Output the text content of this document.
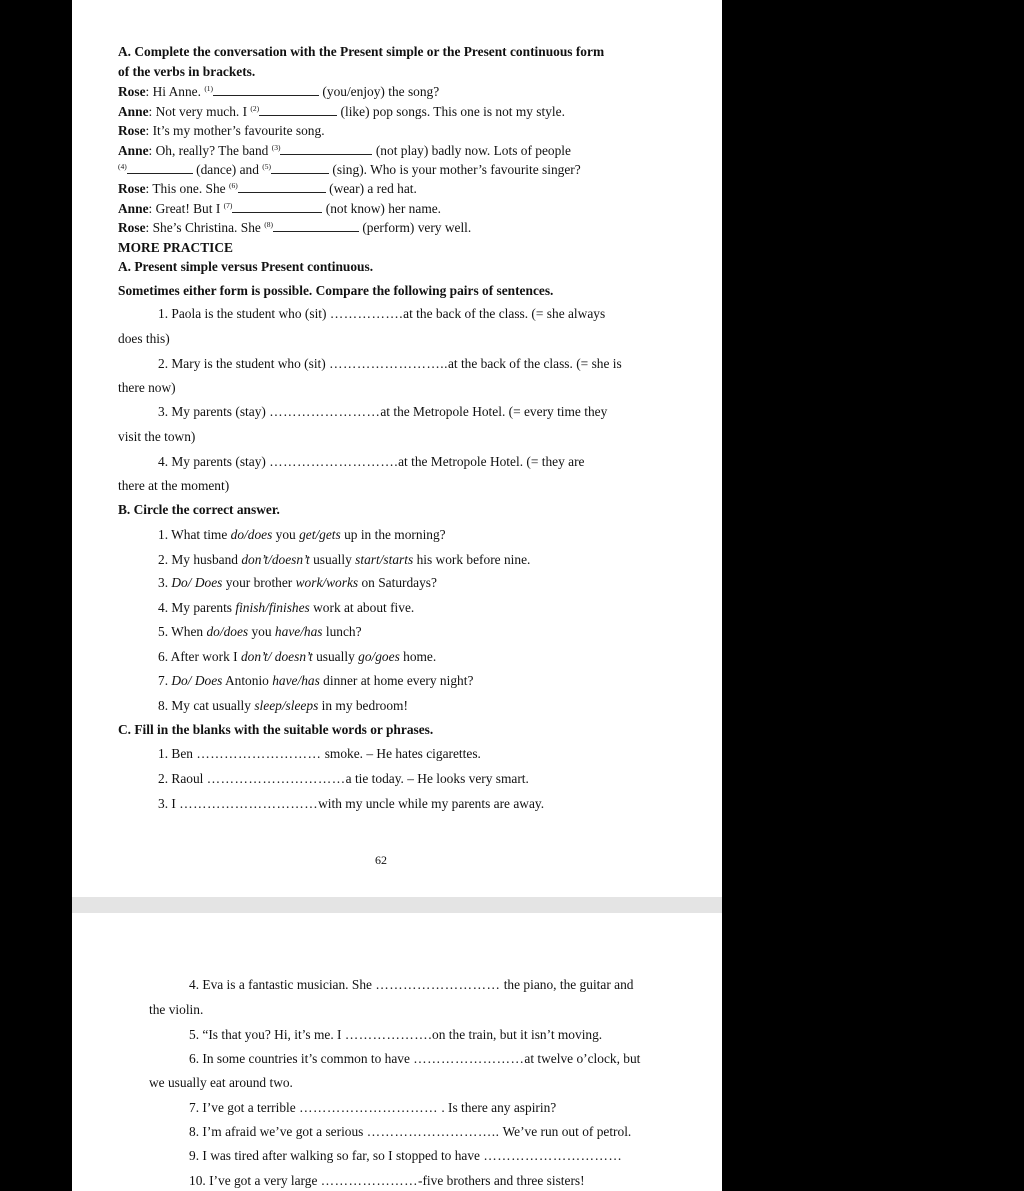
A. Complete the conversation with the Present simple or the Present continuous form
of the verbs in brackets.
Rose: Hi Anne. $^{(1)}$	(you/enjoy) the song?
Anne: Not very much. I $^{(2)}$	(like) pop songs. This one is not my style.
Rose: It’s my mother’s favourite song.
Anne: Oh, really? The band $^{(3)}$	(not play) badly now. Lots of people
$^{(4)}$	(dance) and $^{(5)}$	(sing). Who is your mother’s favourite singer?
Rose: This one. She $^{(6)}$	(wear) a red hat.
Anne: Great! But I $^{(7)}$	(not know) her name.
Rose: She’s Christina. She $^{(8)}$	(perform) very well.
MORE PRACTICE
A. Present simple versus Present continuous.
Sometimes either form is possible. Compare the following pairs of sentences.
1. Paola is the student who (sit) …………….at the back of the class. (= she always
does this)
2. Mary is the student who (sit) ……………………..at the back of the class. (= she is
there now)
3. My parents (stay) ……………………at the Metropole Hotel. (= every time they
visit the town)
4. My parents (stay) ……………………….at the Metropole Hotel. (= they are
there at the moment)
B. Circle the correct answer.
1. What time do/does you get/gets up in the morning?
2. My husband don’t/doesn’t usually start/starts his work before nine.
3. Do/ Does your brother work/works on Saturdays?
4. My parents finish/finishes work at about five.
5. When do/does you have/has lunch?
6. After work I don’t/ doesn’t usually go/goes home.
7. Do/ Does Antonio have/has dinner at home every night?
8. My cat usually sleep/sleeps in my bedroom!
C. Fill in the blanks with the suitable words or phrases.
1. Ben ……………………… smoke. – He hates cigarettes.
2. Raoul …………………………a tie today. – He looks very smart.
3. I …………………………with my uncle while my parents are away.
62
4. Eva is a fantastic musician. She ……………………… the piano, the guitar and
the violin.
5. “Is that you? Hi, it’s me. I ……………….on the train, but it isn’t moving.
6. In some countries it’s common to have ……………………at twelve o’clock, but
we usually eat around two.
7. I’ve got a terrible ………………………… . Is there any aspirin?
8. I’m afraid we’ve got a serious ……………………….. We’ve run out of petrol.
9. I was tired after walking so far, so I stopped to have …………………………
10. I’ve got a very large …………………-five brothers and three sisters!
